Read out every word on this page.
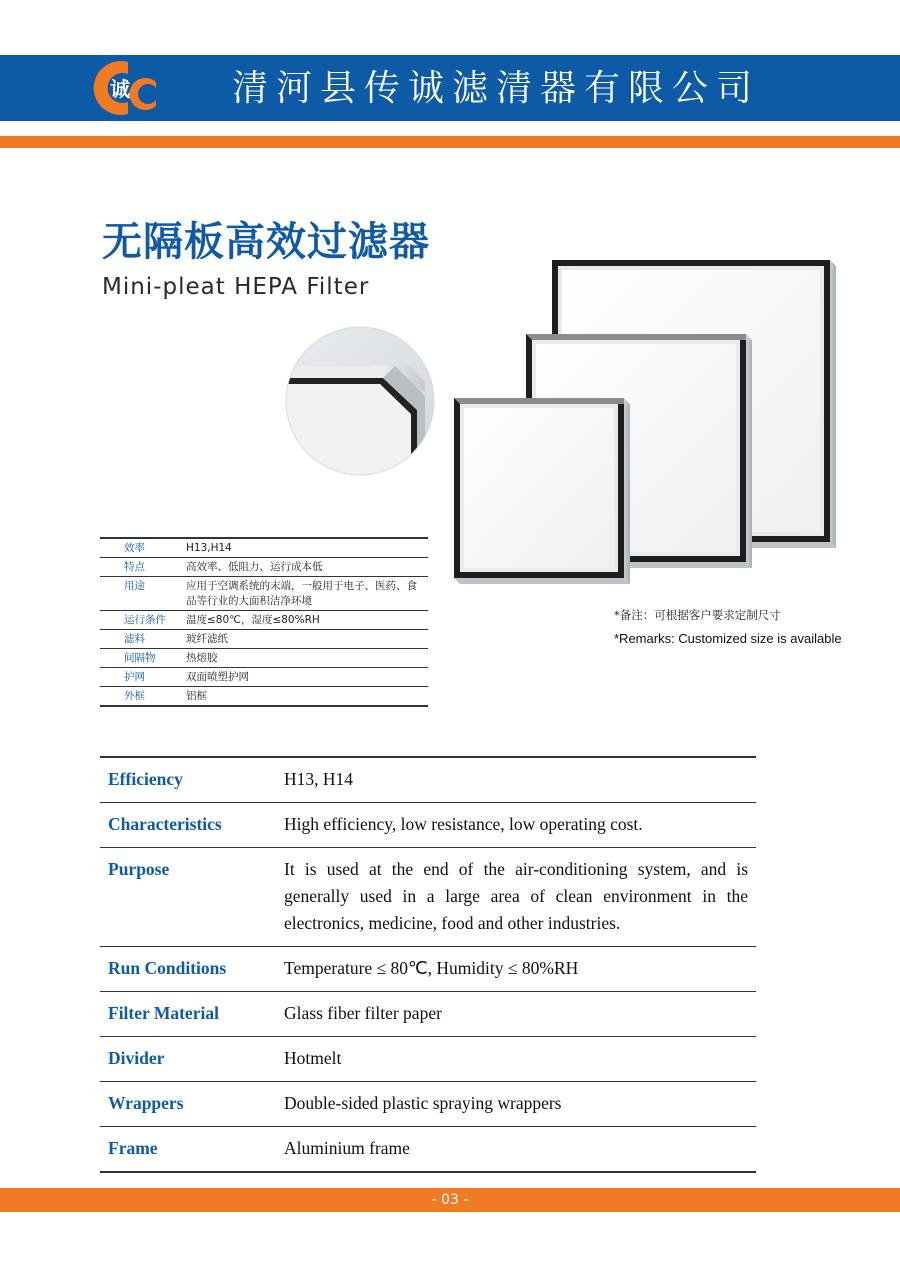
诚	清河县传诚滤清器有限公司
无隔板高效过滤器
Mini-pleat HEPA Filter
*备注：可根据客户要求定制尺寸
*Remarks: Customized size is available
效率	H13,H14
特点	高效率、低阻力、运行成本低
用途	应用于空调系统的末端，一般用于电子、医药、食品等行业的大面积洁净环境
运行条件	温度≤80℃，湿度≤80%RH
滤料	玻纤滤纸
间隔物	热熔胶
护网	双面喷塑护网
外框	铝框
Efficiency	H13, H14
Characteristics	High efficiency, low resistance, low operating cost.
Purpose	It is used at the end of the air-conditioning system, and is generally used in a large area of clean environment in the electronics, medicine, food and other industries.
Run Conditions	Temperature ≤ 80℃, Humidity ≤ 80%RH
Filter Material	Glass fiber filter paper
Divider	Hotmelt
Wrappers	Double-sided plastic spraying wrappers
Frame	Aluminium frame
- 03 -
